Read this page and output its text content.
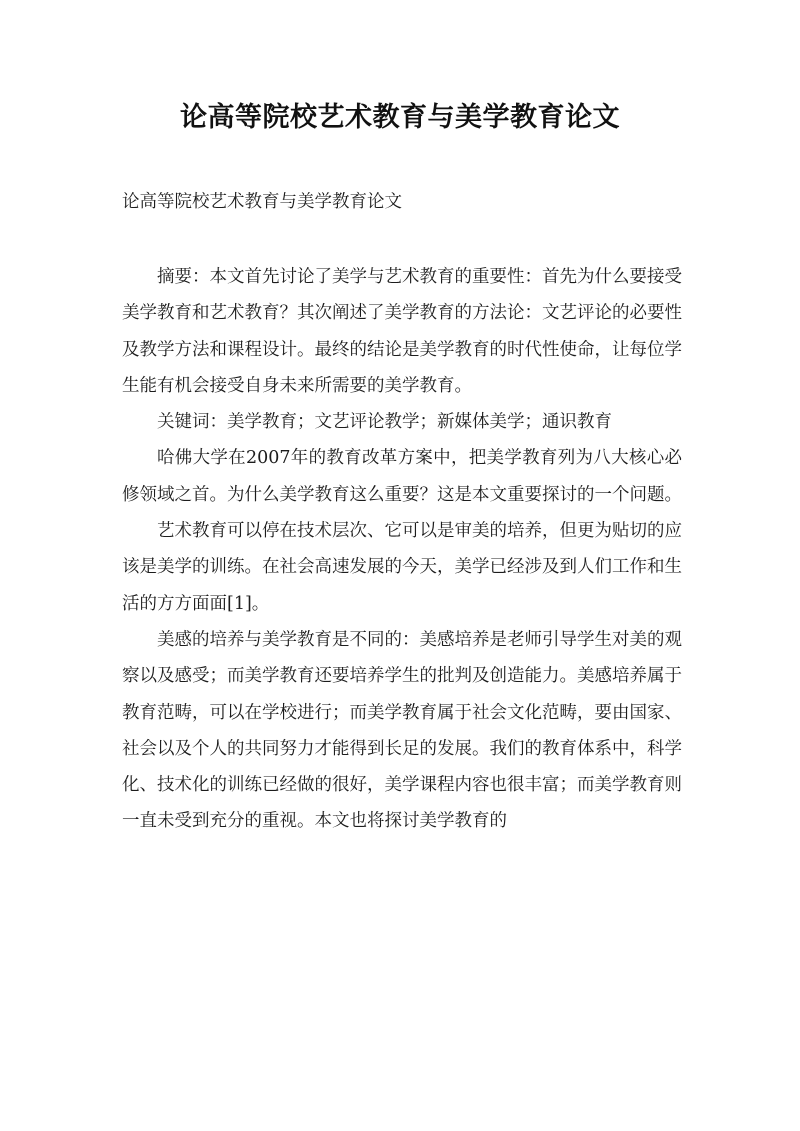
论高等院校艺术教育与美学教育论文

论高等院校艺术教育与美学教育论文

摘要：本文首先讨论了美学与艺术教育的重要性：首先为什么要接受美学教育和艺术教育？其次阐述了美学教育的方法论：文艺评论的必要性及教学方法和课程设计。最终的结论是美学教育的时代性使命，让每位学生能有机会接受自身未来所需要的美学教育。

关键词：美学教育；文艺评论教学；新媒体美学；通识教育

哈佛大学在2007年的教育改革方案中，把美学教育列为八大核心必修领域之首。为什么美学教育这么重要？这是本文重要探讨的一个问题。

艺术教育可以停在技术层次、它可以是审美的培养，但更为贴切的应该是美学的训练。在社会高速发展的今天，美学已经涉及到人们工作和生活的方方面面[1]。

美感的培养与美学教育是不同的：美感培养是老师引导学生对美的观察以及感受；而美学教育还要培养学生的批判及创造能力。美感培养属于教育范畴，可以在学校进行；而美学教育属于社会文化范畴，要由国家、社会以及个人的共同努力才能得到长足的发展。我们的教育体系中，科学化、技术化的训练已经做的很好，美学课程内容也很丰富；而美学教育则一直未受到充分的重视。本文也将探讨美学教育的
